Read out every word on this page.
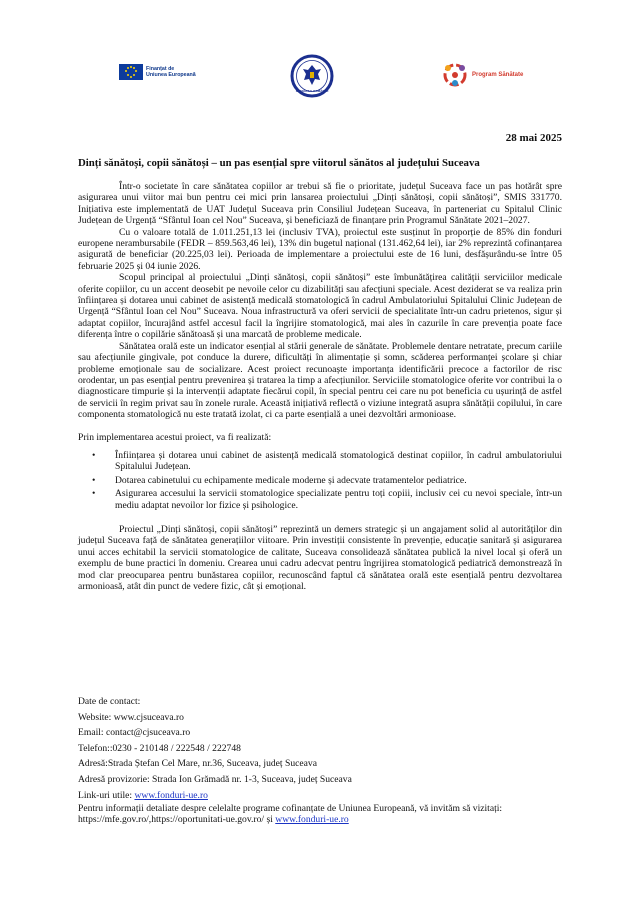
Finanțat de
Uniunea Europeană
GUVERNUL ROMÂNIEI
Program Sănătate
28 mai 2025
Dinți sănătoși, copii sănătoși – un pas esențial spre viitorul sănătos al județului Suceava

Într-o societate în care sănătatea copiilor ar trebui să fie o prioritate, județul Suceava face un pas hotărât spre asigurarea unui viitor mai bun pentru cei mici prin lansarea proiectului „Dinți sănătoși, copii sănătoși”, SMIS 331770. Inițiativa este implementată de UAT Județul Suceava prin Consiliul Județean Suceava, în parteneriat cu Spitalul Clinic Județean de Urgență “Sfântul Ioan cel Nou” Suceava, și beneficiază de finanțare prin Programul Sănătate 2021–2027.

Cu o valoare totală de 1.011.251,13 lei (inclusiv TVA), proiectul este susținut în proporție de 85% din fonduri europene nerambursabile (FEDR – 859.563,46 lei), 13% din bugetul național (131.462,64 lei), iar 2% reprezintă cofinanțarea asigurată de beneficiar (20.225,03 lei). Perioada de implementare a proiectului este de 16 luni, desfășurându-se între 05 februarie 2025 și 04 iunie 2026.

Scopul principal al proiectului „Dinți sănătoși, copii sănătoși” este îmbunătățirea calității serviciilor medicale oferite copiilor, cu un accent deosebit pe nevoile celor cu dizabilități sau afecțiuni speciale. Acest deziderat se va realiza prin înființarea și dotarea unui cabinet de asistență medicală stomatologică în cadrul Ambulatoriului Spitalului Clinic Județean de Urgență “Sfântul Ioan cel Nou” Suceava. Noua infrastructură va oferi servicii de specialitate într-un cadru prietenos, sigur și adaptat copiilor, încurajând astfel accesul facil la îngrijire stomatologică, mai ales în cazurile în care prevenția poate face diferența între o copilărie sănătoasă și una marcată de probleme medicale.

Sănătatea orală este un indicator esențial al stării generale de sănătate. Problemele dentare netratate, precum cariile sau afecțiunile gingivale, pot conduce la durere, dificultăți în alimentație și somn, scăderea performanței școlare și chiar probleme emoționale sau de socializare. Acest proiect recunoaște importanța identificării precoce a factorilor de risc orodentar, un pas esențial pentru prevenirea și tratarea la timp a afecțiunilor. Serviciile stomatologice oferite vor contribui la o diagnosticare timpurie și la intervenții adaptate fiecărui copil, în special pentru cei care nu pot beneficia cu ușurință de astfel de servicii în regim privat sau în zonele rurale. Această inițiativă reflectă o viziune integrată asupra sănătății copilului, în care componenta stomatologică nu este tratată izolat, ci ca parte esențială a unei dezvoltări armonioase.

Prin implementarea acestui proiect, va fi realizată:

• Înființarea și dotarea unui cabinet de asistență medicală stomatologică destinat copiilor, în cadrul ambulatoriului Spitalului Județean.
• Dotarea cabinetului cu echipamente medicale moderne și adecvate tratamentelor pediatrice.
• Asigurarea accesului la servicii stomatologice specializate pentru toți copiii, inclusiv cei cu nevoi speciale, într-un mediu adaptat nevoilor lor fizice și psihologice.

Proiectul „Dinți sănătoși, copii sănătoși” reprezintă un demers strategic și un angajament solid al autorităților din județul Suceava față de sănătatea generațiilor viitoare. Prin investiții consistente în prevenție, educație sanitară și asigurarea unui acces echitabil la servicii stomatologice de calitate, Suceava consolidează sănătatea publică la nivel local și oferă un exemplu de bune practici în domeniu. Crearea unui cadru adecvat pentru îngrijirea stomatologică pediatrică demonstrează în mod clar preocuparea pentru bunăstarea copiilor, recunoscând faptul că sănătatea orală este esențială pentru dezvoltarea armonioasă, atât din punct de vedere fizic, cât și emoțional.

Date de contact:
Website: www.cjsuceava.ro
Email: contact@cjsuceava.ro
Telefon::0230 - 210148 / 222548 / 222748
Adresă:Strada Ștefan Cel Mare, nr.36, Suceava, județ Suceava
Adresă provizorie: Strada Ion Grămadă nr. 1-3, Suceava, județ Suceava
Link-uri utile: www.fonduri-ue.ro
Pentru informații detaliate despre celelalte programe cofinanțate de Uniunea Europeană, vă invităm să vizitați:
https://mfe.gov.ro/,https://oportunitati-ue.gov.ro/ și www.fonduri-ue.ro
